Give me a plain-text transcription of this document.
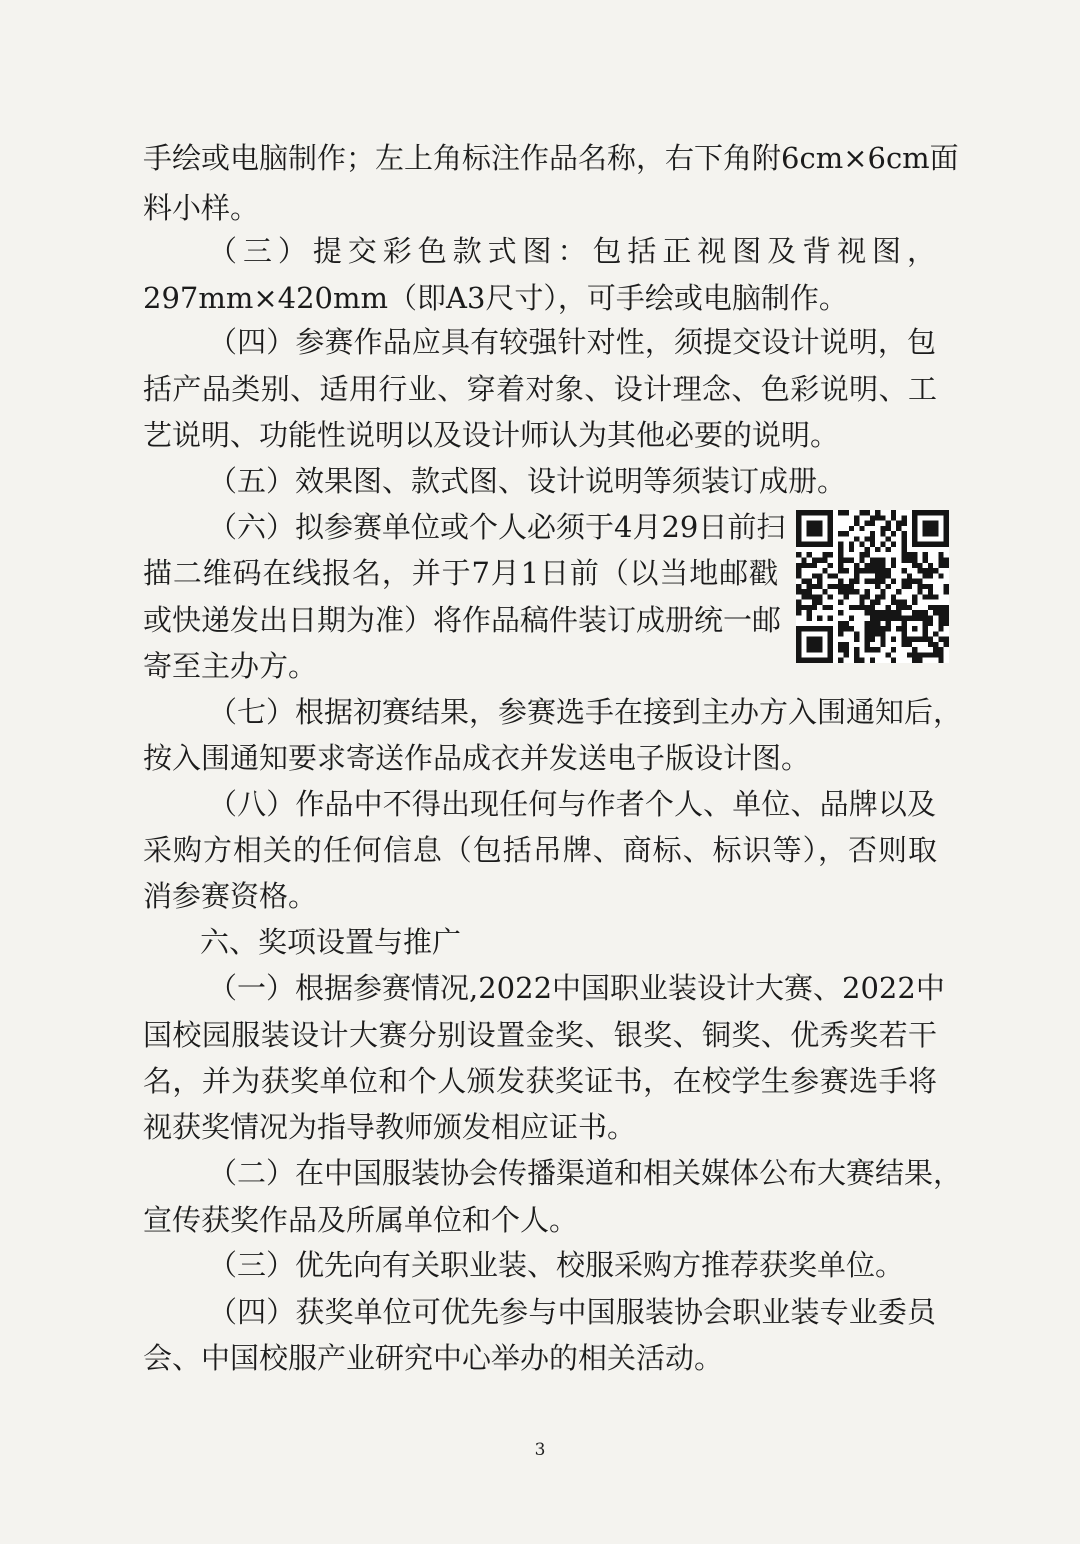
手绘或电脑制作；左上角标注作品名称，右下角附6cm×6cm面
料小样。
（三）提交彩色款式图：包括正视图及背视图，
297mm×420mm（即A3尺寸），可手绘或电脑制作。
（四）参赛作品应具有较强针对性，须提交设计说明，包
括产品类别、适用行业、穿着对象、设计理念、色彩说明、工
艺说明、功能性说明以及设计师认为其他必要的说明。
（五）效果图、款式图、设计说明等须装订成册。
（六）拟参赛单位或个人必须于4月29日前扫
描二维码在线报名，并于7月1日前（以当地邮戳
或快递发出日期为准）将作品稿件装订成册统一邮
寄至主办方。
（七）根据初赛结果，参赛选手在接到主办方入围通知后，
按入围通知要求寄送作品成衣并发送电子版设计图。
（八）作品中不得出现任何与作者个人、单位、品牌以及
采购方相关的任何信息（包括吊牌、商标、标识等），否则取
消参赛资格。
六、奖项设置与推广
（一）根据参赛情况,2022中国职业装设计大赛、2022中
国校园服装设计大赛分别设置金奖、银奖、铜奖、优秀奖若干
名，并为获奖单位和个人颁发获奖证书，在校学生参赛选手将
视获奖情况为指导教师颁发相应证书。
（二）在中国服装协会传播渠道和相关媒体公布大赛结果，
宣传获奖作品及所属单位和个人。
（三）优先向有关职业装、校服采购方推荐获奖单位。
（四）获奖单位可优先参与中国服装协会职业装专业委员
会、中国校服产业研究中心举办的相关活动。
3
